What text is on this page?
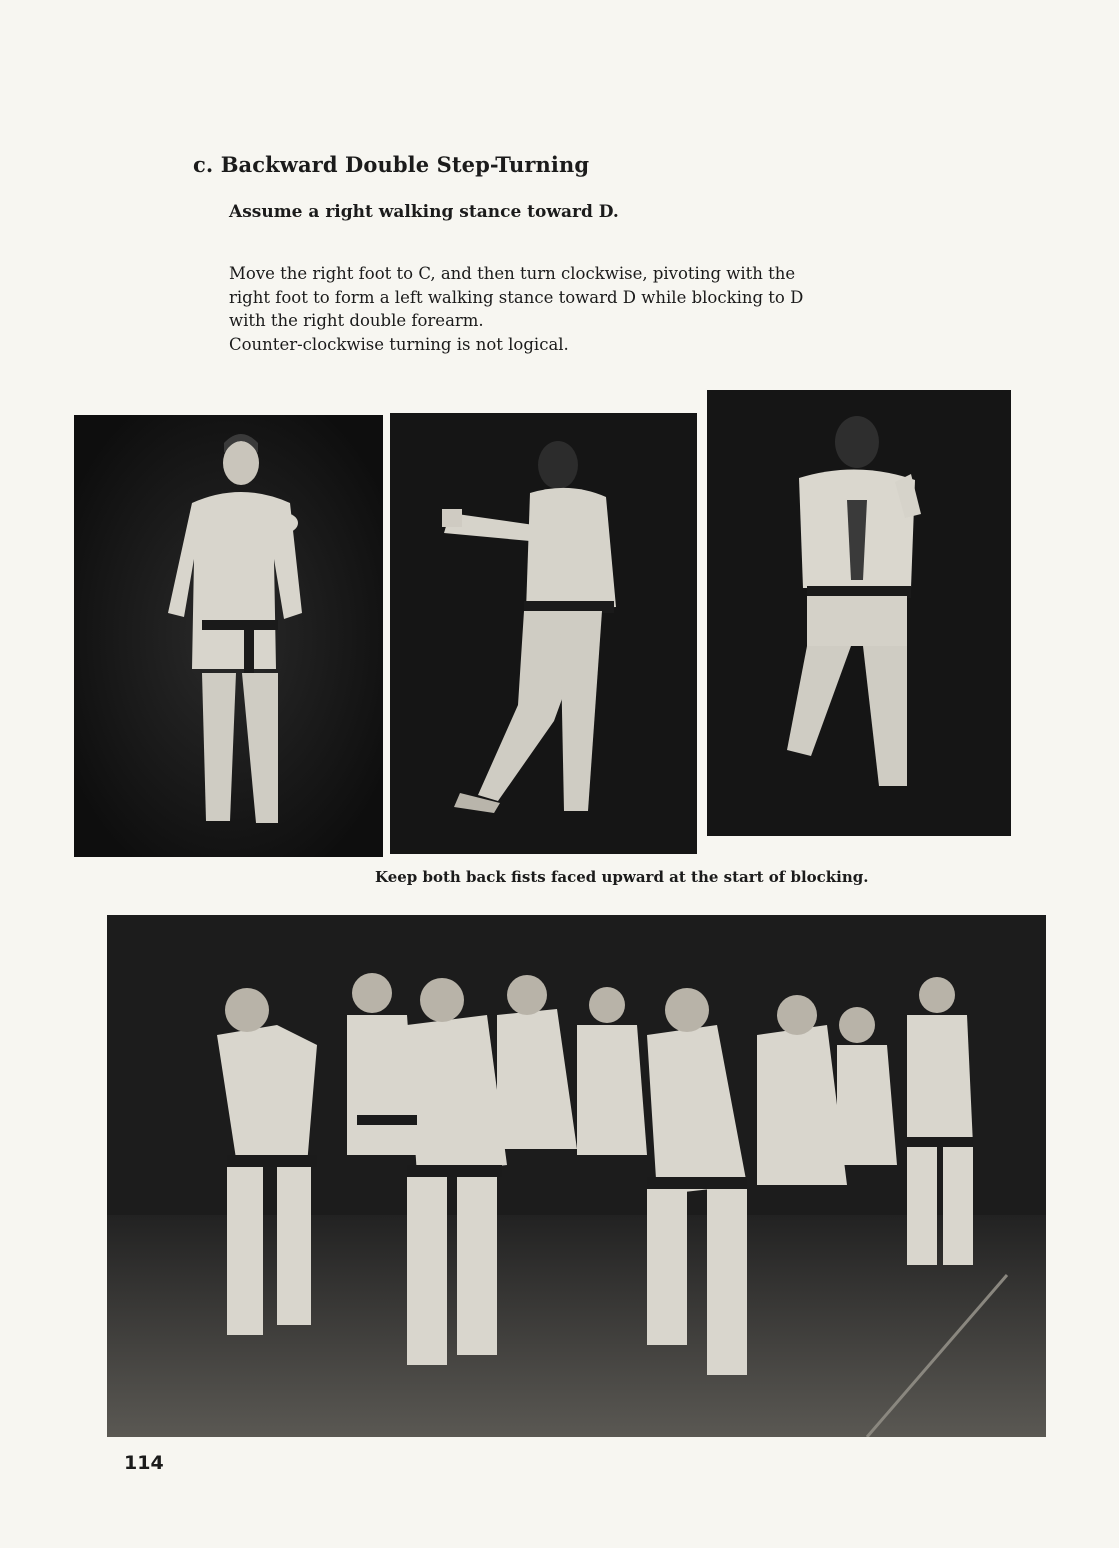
c. Backward Double Step-Turning
Assume a right walking stance toward D.

Move the right foot to C, and then turn clockwise, pivoting with the

right foot to form a left walking stance toward D while blocking to D

with the right double forearm.

Counter-clockwise turning is not logical.

Keep both back fists faced upward at the start of blocking.
114
